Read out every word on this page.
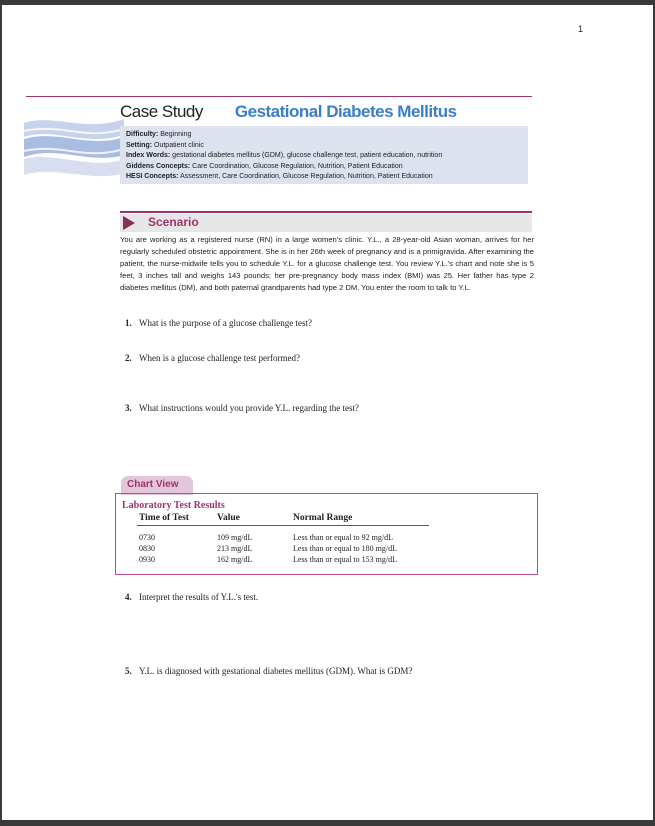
1
Case Study Gestational Diabetes Mellitus
Difficulty: Beginning
Setting: Outpatient clinic
Index Words: gestational diabetes mellitus (GDM), glucose challenge test, patient education, nutrition
Giddens Concepts: Care Coordination, Glucose Regulation, Nutrition, Patient Education
HESI Concepts: Assessment, Care Coordination, Glucose Regulation, Nutrition, Patient Education
Scenario
You are working as a registered nurse (RN) in a large women's clinic. Y.L., a 28-year-old Asian woman, arrives for her regularly scheduled obstetric appointment. She is in her 26th week of pregnancy and is a primigravida. After examining the patient, the nurse-midwife tells you to schedule Y.L. for a glucose challenge test. You review Y.L.'s chart and note she is 5 feet, 3 inches tall and weighs 143 pounds; her pre-pregnancy body mass index (BMI) was 25. Her father has type 2 diabetes mellitus (DM), and both paternal grandparents had type 2 DM. You enter the room to talk to Y.L.
1. What is the purpose of a glucose challenge test?
2. When is a glucose challenge test performed?
3. What instructions would you provide Y.L. regarding the test?
Chart View
Laboratory Test Results
Time of Test	Value	Normal Range
0730	109 mg/dL	Less than or equal to 92 mg/dL
0830	213 mg/dL	Less than or equal to 180 mg/dL
0930	162 mg/dL	Less than or equal to 153 mg/dL
4. Interpret the results of Y.L.'s test.
5. Y.L. is diagnosed with gestational diabetes mellitus (GDM). What is GDM?
